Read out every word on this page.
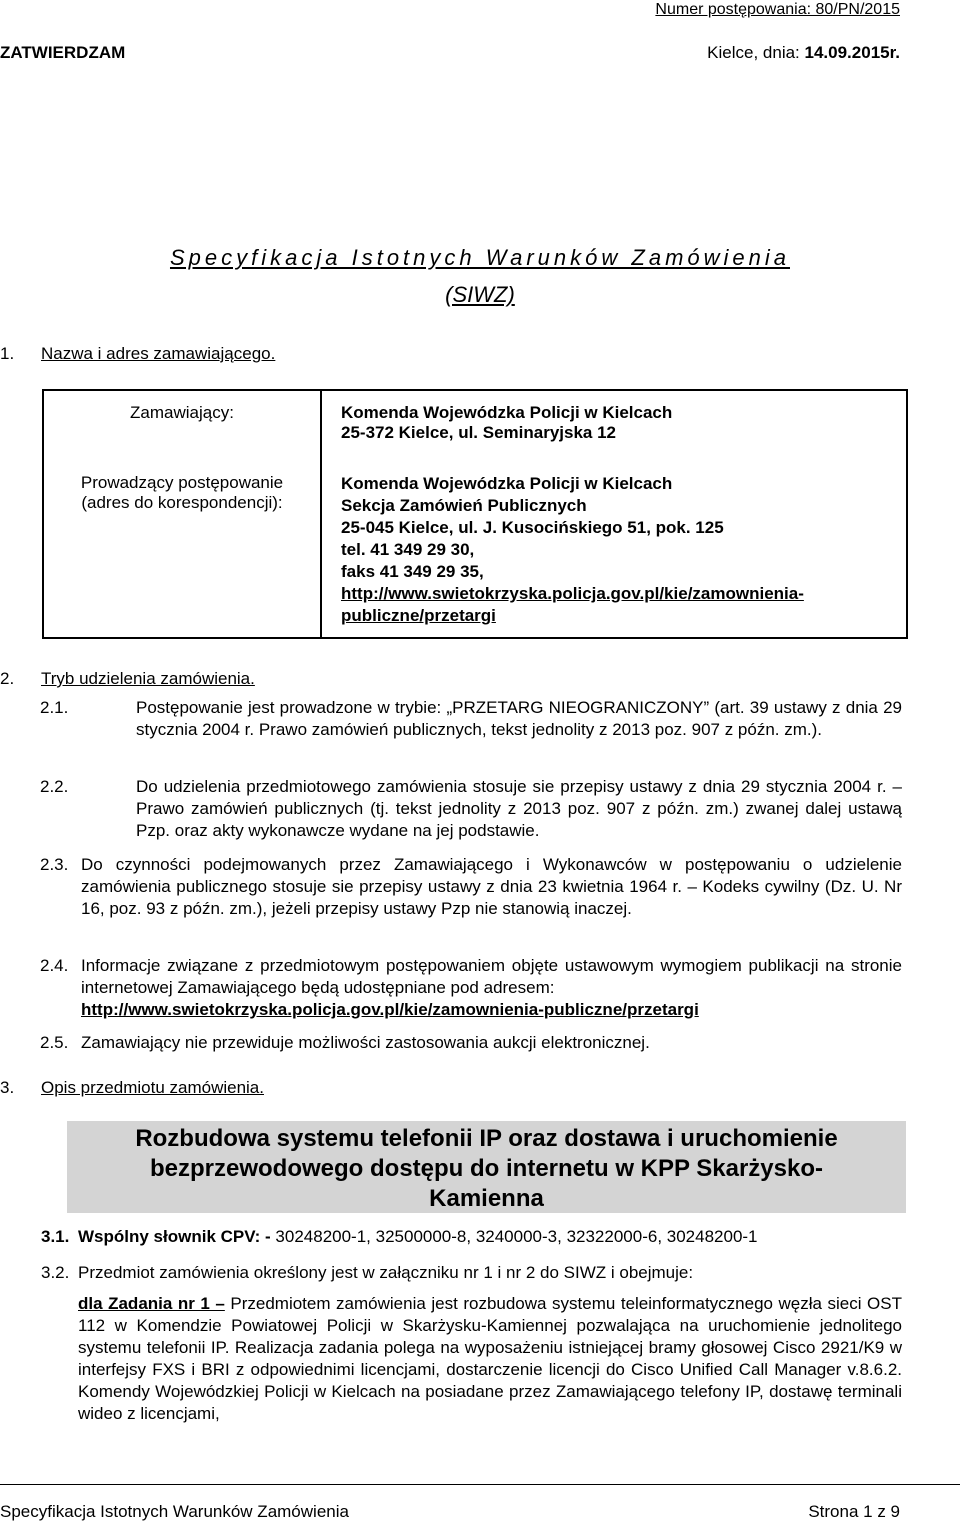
Numer postępowania: 80/PN/2015
ZATWIERDZAM	Kielce, dnia: 14.09.2015r.
Specyfikacja Istotnych Warunków Zamówienia
(SIWZ)
1. Nazwa i adres zamawiającego.
Zamawiający:	Komenda Wojewódzka Policji w Kielcach
25-372 Kielce, ul. Seminaryjska 12
Prowadzący postępowanie
(adres do korespondencji):
Komenda Wojewódzka Policji w Kielcach
Sekcja Zamówień Publicznych
25-045 Kielce, ul. J. Kusocińskiego 51, pok. 125
tel. 41 349 29 30,
faks 41 349 29 35,
http://www.swietokrzyska.policja.gov.pl/kie/zamownienia-
publiczne/przetargi
2. Tryb udzielenia zamówienia.
2.1.	Postępowanie jest prowadzone w trybie: „PRZETARG NIEOGRANICZONY” (art. 39 ustawy z dnia 29 stycznia 2004 r. Prawo zamówień publicznych, tekst jednolity z 2013 poz. 907 z późn. zm.).
2.2.	Do udzielenia przedmiotowego zamówienia stosuje sie przepisy ustawy z dnia 29 stycznia 2004 r. – Prawo zamówień publicznych (tj. tekst jednolity z 2013 poz. 907 z późn. zm.) zwanej dalej ustawą Pzp. oraz akty wykonawcze wydane na jej podstawie.
2.3. Do czynności podejmowanych przez Zamawiającego i Wykonawców w postępowaniu o udzielenie zamówienia publicznego stosuje sie przepisy ustawy z dnia 23 kwietnia 1964 r. – Kodeks cywilny (Dz. U. Nr 16, poz. 93 z późn. zm.), jeżeli przepisy ustawy Pzp nie stanowią inaczej.
2.4. Informacje związane z przedmiotowym postępowaniem objęte ustawowym wymogiem publikacji na stronie internetowej Zamawiającego będą udostępniane pod adresem:
http://www.swietokrzyska.policja.gov.pl/kie/zamownienia-publiczne/przetargi
2.5. Zamawiający nie przewiduje możliwości zastosowania aukcji elektronicznej.
3. Opis przedmiotu zamówienia.
Rozbudowa systemu telefonii IP oraz dostawa i uruchomienie
bezprzewodowego dostępu do internetu w KPP Skarżysko-
Kamienna
3.1. Wspólny słownik CPV: - 30248200-1, 32500000-8, 3240000-3, 32322000-6, 30248200-1
3.2. Przedmiot zamówienia określony jest w załączniku nr 1 i nr 2 do SIWZ i obejmuje:
dla Zadania nr 1 – Przedmiotem zamówienia jest rozbudowa systemu teleinformatycznego węzła sieci OST 112 w Komendzie Powiatowej Policji w Skarżysku-Kamiennej pozwalająca na uruchomienie jednolitego systemu telefonii IP. Realizacja zadania polega na wyposażeniu istniejącej bramy głosowej Cisco 2921/K9 w interfejsy FXS i BRI z odpowiednimi licencjami, dostarczenie licencji do Cisco Unified Call Manager v.8.6.2. Komendy Wojewódzkiej Policji w Kielcach na posiadane przez Zamawiającego telefony IP, dostawę terminali wideo z licencjami,
Specyfikacja Istotnych Warunków Zamówienia	Strona 1 z 9
